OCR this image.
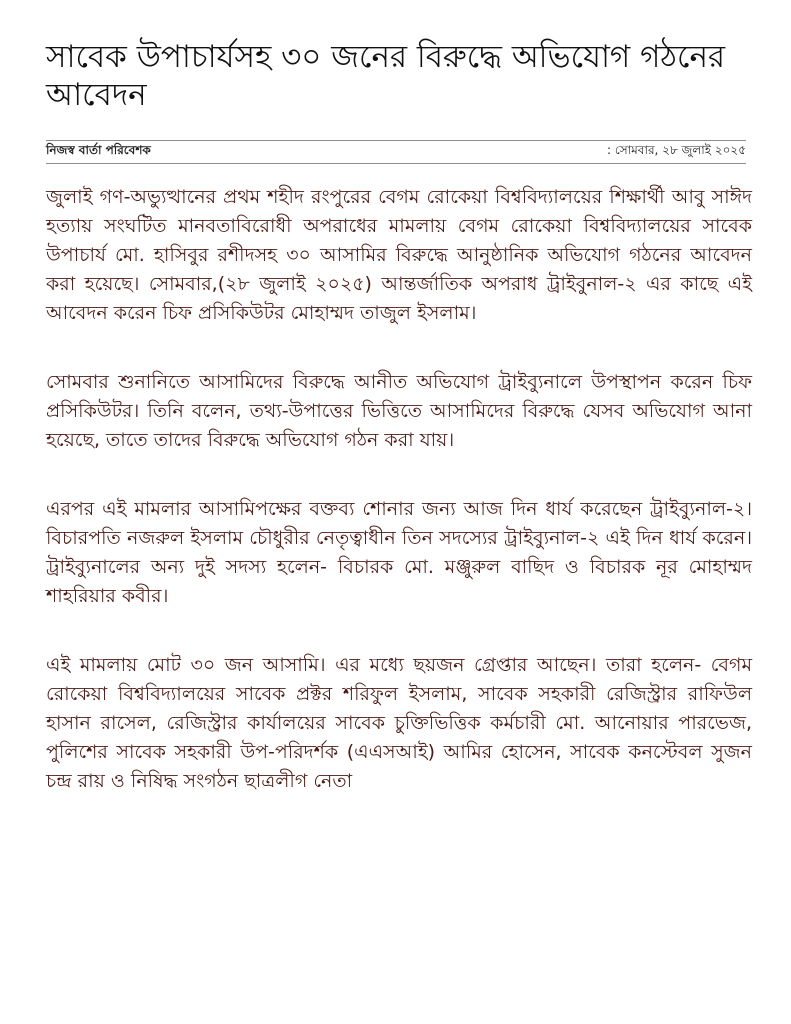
সাবেক উপাচার্যসহ ৩০ জনের বিরুদ্ধে অভিযোগ গঠনের আবেদন
নিজস্ব বার্তা পরিবেশক	: সোমবার, ২৮ জুলাই ২০২৫

জুলাই গণ-অভ্যুত্থানের প্রথম শহীদ রংপুরের বেগম রোকেয়া বিশ্ববিদ্যালয়ের শিক্ষার্থী আবু সাঈদ হত্যায় সংঘটিত মানবতাবিরোধী অপরাধের মামলায় বেগম রোকেয়া বিশ্ববিদ্যালয়ের সাবেক উপাচার্য মো. হাসিবুর রশীদসহ ৩০ আসামির বিরুদ্ধে আনুষ্ঠানিক অভিযোগ গঠনের আবেদন করা হয়েছে। সোমবার,(২৮ জুলাই ২০২৫) আন্তর্জাতিক অপরাধ ট্রাইবুনাল-২ এর কাছে এই আবেদন করেন চিফ প্রসিকিউটর মোহাম্মদ তাজুল ইসলাম।

সোমবার শুনানিতে আসামিদের বিরুদ্ধে আনীত অভিযোগ ট্রাইব্যুনালে উপস্থাপন করেন চিফ প্রসিকিউটর। তিনি বলেন, তথ্য-উপাত্তের ভিত্তিতে আসামিদের বিরুদ্ধে যেসব অভিযোগ আনা হয়েছে, তাতে তাদের বিরুদ্ধে অভিযোগ গঠন করা যায়।

এরপর এই মামলার আসামিপক্ষের বক্তব্য শোনার জন্য আজ দিন ধার্য করেছেন ট্রাইব্যুনাল-২। বিচারপতি নজরুল ইসলাম চৌধুরীর নেতৃত্বাধীন তিন সদস্যের ট্রাইব্যুনাল-২ এই দিন ধার্য করেন। ট্রাইব্যুনালের অন্য দুই সদস্য হলেন- বিচারক মো. মঞ্জুরুল বাছিদ ও বিচারক নূর মোহাম্মদ শাহরিয়ার কবীর।

এই মামলায় মোট ৩০ জন আসামি। এর মধ্যে ছয়জন গ্রেপ্তার আছেন। তারা হলেন- বেগম রোকেয়া বিশ্ববিদ্যালয়ের সাবেক প্রক্টর শরিফুল ইসলাম, সাবেক সহকারী রেজিস্ট্রার রাফিউল হাসান রাসেল, রেজিস্ট্রার কার্যালয়ের সাবেক চুক্তিভিত্তিক কর্মচারী মো. আনোয়ার পারভেজ, পুলিশের সাবেক সহকারী উপ-পরিদর্শক (এএসআই) আমির হোসেন, সাবেক কনস্টেবল সুজন চন্দ্র রায় ও নিষিদ্ধ সংগঠন ছাত্রলীগ নেতা
